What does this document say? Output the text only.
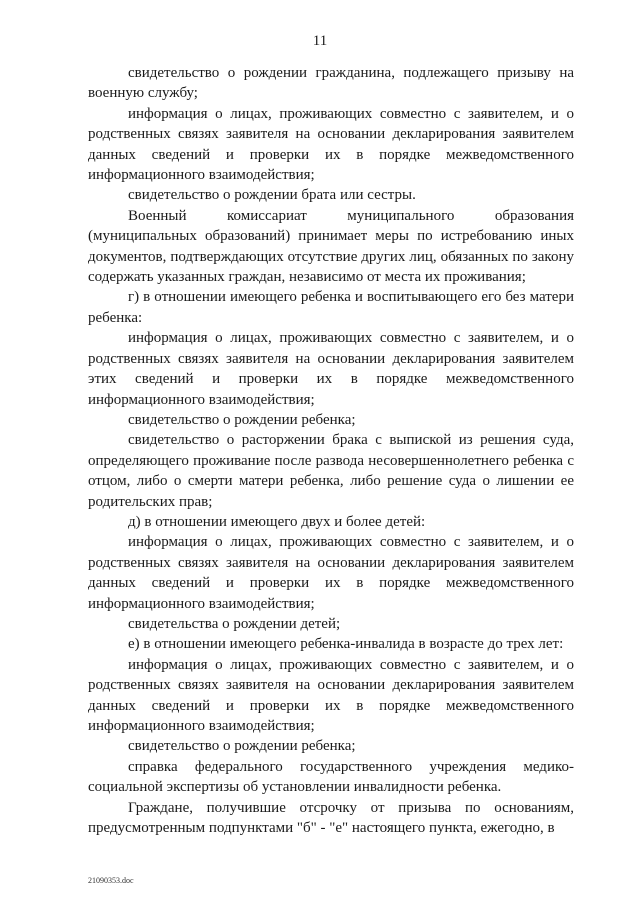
11

свидетельство о рождении гражданина, подлежащего призыву на военную службу;

информация о лицах, проживающих совместно с заявителем, и о родственных связях заявителя на основании декларирования заявителем данных сведений и проверки их в порядке межведомственного информационного взаимодействия;

свидетельство о рождении брата или сестры.

Военный комиссариат муниципального образования (муниципальных образований) принимает меры по истребованию иных документов, подтверждающих отсутствие других лиц, обязанных по закону содержать указанных граждан, независимо от места их проживания;

г) в отношении имеющего ребенка и воспитывающего его без матери ребенка:

информация о лицах, проживающих совместно с заявителем, и о родственных связях заявителя на основании декларирования заявителем этих сведений и проверки их в порядке межведомственного информационного взаимодействия;

свидетельство о рождении ребенка;

свидетельство о расторжении брака с выпиской из решения суда, определяющего проживание после развода несовершеннолетнего ребенка с отцом, либо о смерти матери ребенка, либо решение суда о лишении ее родительских прав;

д) в отношении имеющего двух и более детей:

информация о лицах, проживающих совместно с заявителем, и о родственных связях заявителя на основании декларирования заявителем данных сведений и проверки их в порядке межведомственного информационного взаимодействия;

свидетельства о рождении детей;

е) в отношении имеющего ребенка-инвалида в возрасте до трех лет:

информация о лицах, проживающих совместно с заявителем, и о родственных связях заявителя на основании декларирования заявителем данных сведений и проверки их в порядке межведомственного информационного взаимодействия;

свидетельство о рождении ребенка;

справка федерального государственного учреждения медико-социальной экспертизы об установлении инвалидности ребенка.

Граждане, получившие отсрочку от призыва по основаниям, предусмотренным подпунктами "б" - "е" настоящего пункта, ежегодно, в

21090353.doc
